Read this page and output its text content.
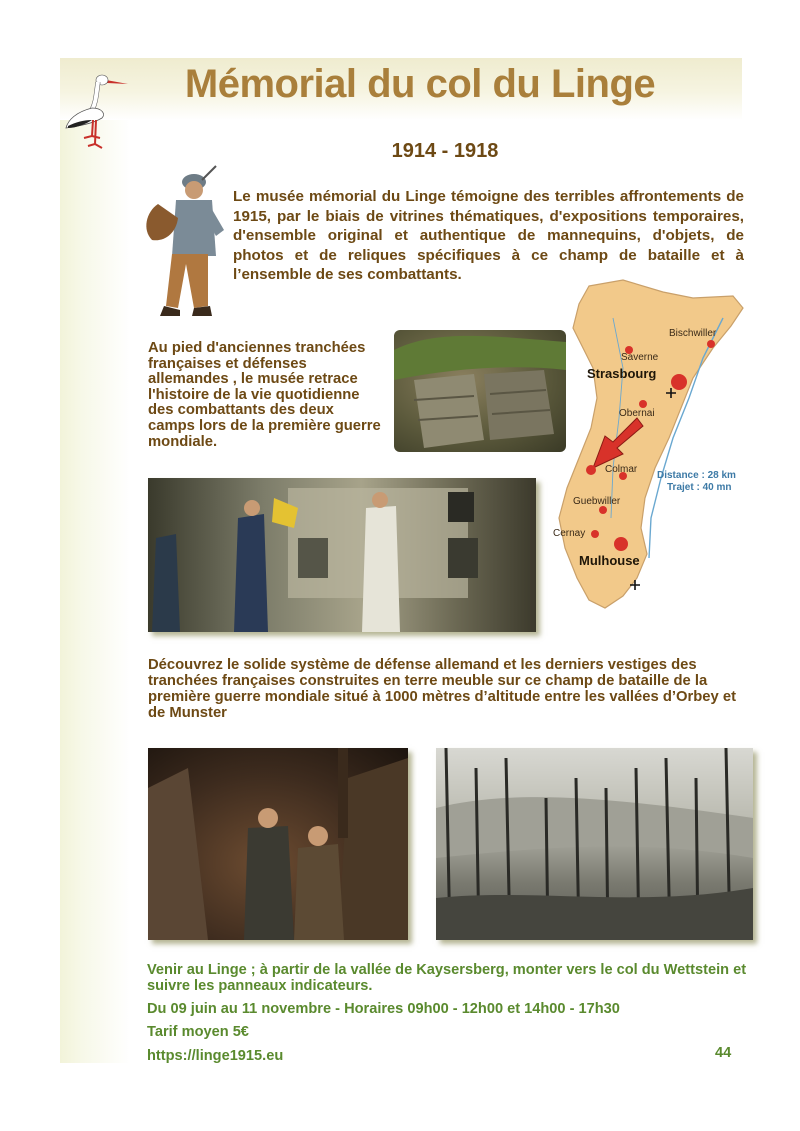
Mémorial du col du Linge
1914 - 1918
Le musée mémorial du Linge témoigne des terribles affrontements de 1915, par le biais de vitrines thématiques, d'expositions temporaires, d'ensemble original et authentique de mannequins, d'objets, de photos et de reliques spécifiques à ce champ de bataille et à l’ensemble de ses combattants.
Au pied d'anciennes tranchées françaises et défenses allemandes , le musée retrace l'histoire de la vie quotidienne des combattants des deux camps lors de la première guerre mondiale.
Bischwiller
Saverne
Strasbourg
Obernai
Colmar
Guebwiller
Cernay
Mulhouse
Distance : 28 km
Trajet : 40 mn
Découvrez le solide système de défense allemand et les derniers vestiges des tranchées françaises construites en terre meuble sur ce champ de bataille de la première guerre mondiale situé à 1000 mètres d’altitude entre les vallées d’Orbey et de Munster
Venir au Linge ; à partir de la vallée de Kaysersberg, monter vers le col du Wettstein et suivre les panneaux indicateurs.
Du 09 juin au 11 novembre - Horaires 09h00 - 12h00 et 14h00 - 17h30
Tarif moyen 5€
https://linge1915.eu	44
